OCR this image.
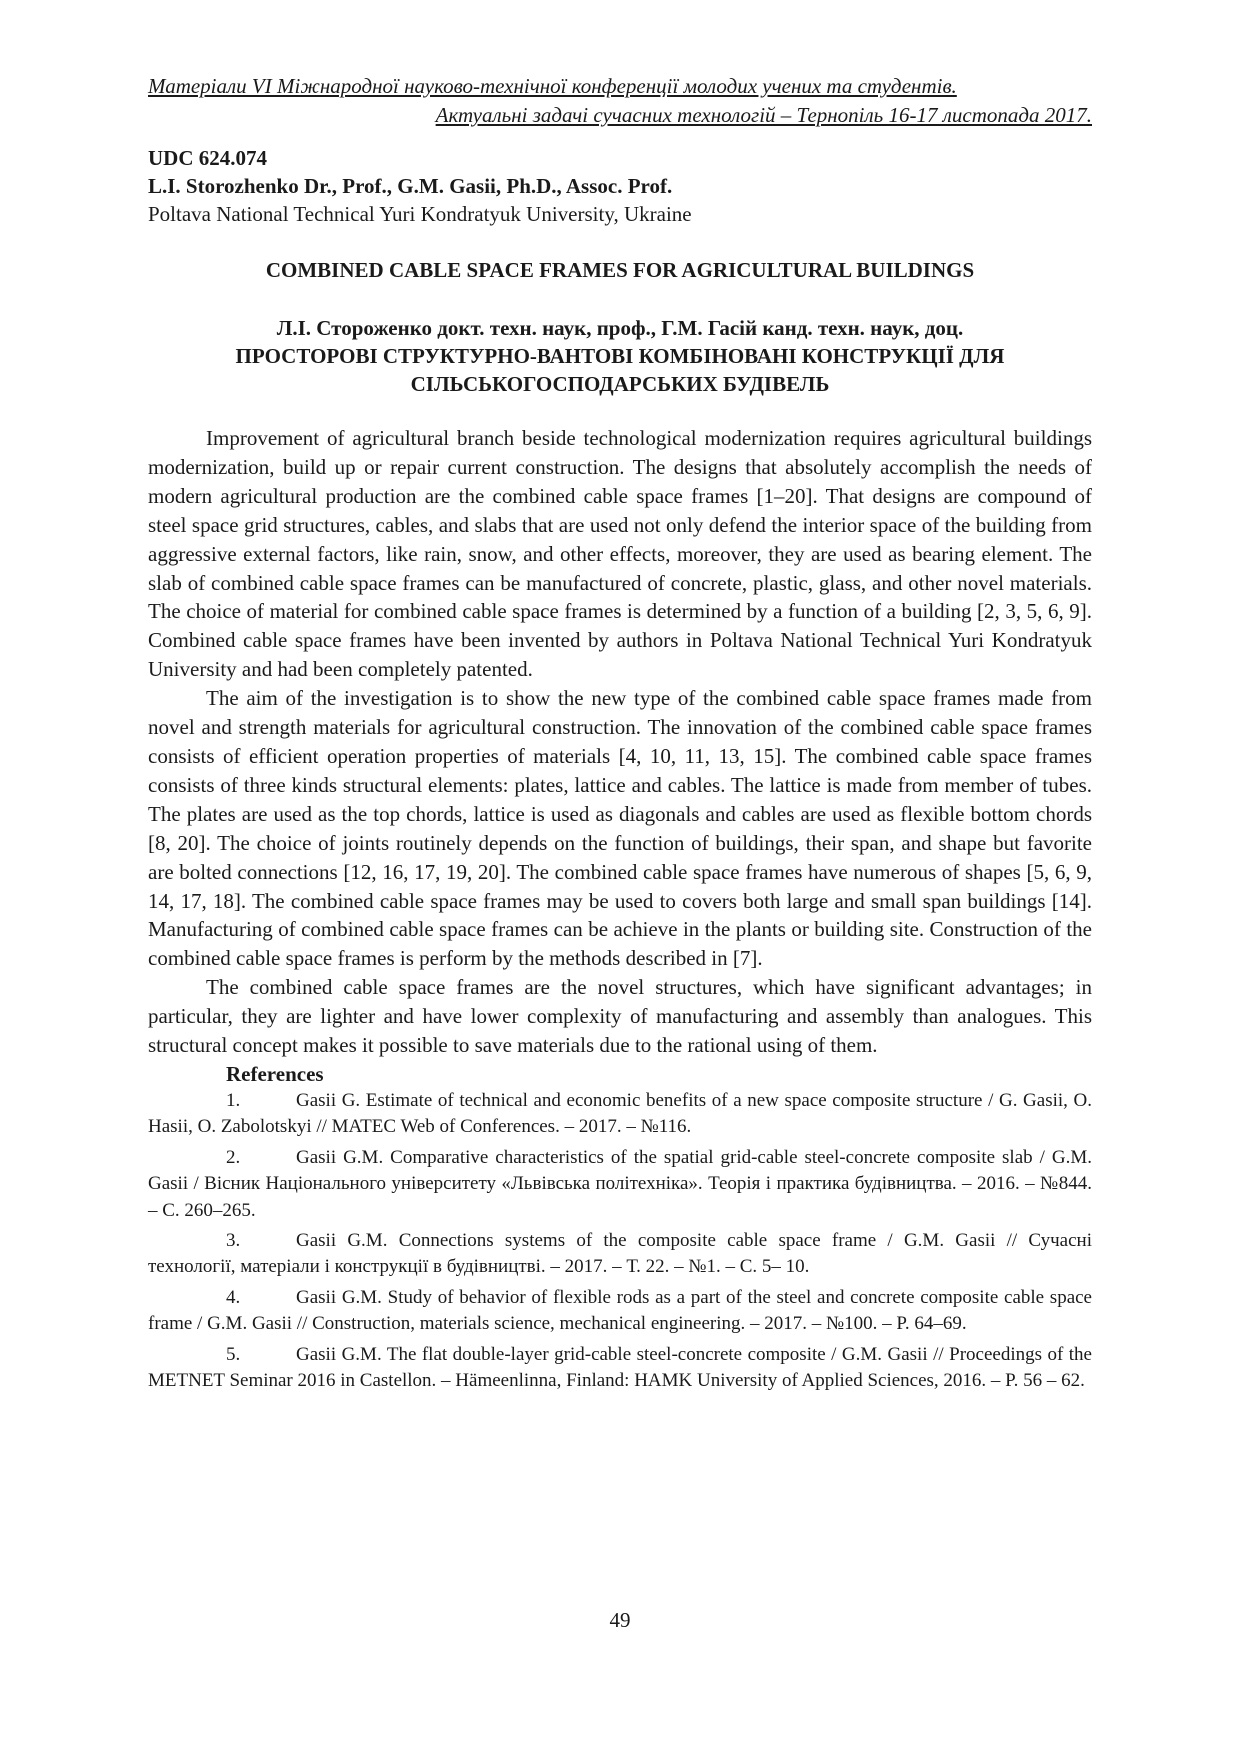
Матеріали VI Міжнародної науково-технічної конференції молодих учених та студентів.
Актуальні задачі сучасних технологій – Тернопіль 16-17 листопада 2017.
UDC 624.074
L.I. Storozhenko Dr., Prof., G.M. Gasii, Ph.D., Assoc. Prof.
Poltava National Technical Yuri Kondratyuk University, Ukraine
COMBINED CABLE SPACE FRAMES FOR AGRICULTURAL BUILDINGS
Л.І. Стороженко докт. техн. наук, проф., Г.М. Гасій канд. техн. наук, доц.
ПРОСТОРОВІ СТРУКТУРНО-ВАНТОВІ КОМБІНОВАНІ КОНСТРУКЦІЇ ДЛЯ СІЛЬСЬКОГОСПОДАРСЬКИХ БУДІВЕЛЬ

Improvement of agricultural branch beside technological modernization requires agricultural buildings modernization, build up or repair current construction. The designs that absolutely accomplish the needs of modern agricultural production are the combined cable space frames [1–20]. That designs are compound of steel space grid structures, cables, and slabs that are used not only defend the interior space of the building from aggressive external factors, like rain, snow, and other effects, moreover, they are used as bearing element. The slab of combined cable space frames can be manufactured of concrete, plastic, glass, and other novel materials. The choice of material for combined cable space frames is determined by a function of a building [2, 3, 5, 6, 9]. Combined cable space frames have been invented by authors in Poltava National Technical Yuri Kondratyuk University and had been completely patented.

The aim of the investigation is to show the new type of the combined cable space frames made from novel and strength materials for agricultural construction. The innovation of the combined cable space frames consists of efficient operation properties of materials [4, 10, 11, 13, 15]. The combined cable space frames consists of three kinds structural elements: plates, lattice and cables. The lattice is made from member of tubes. The plates are used as the top chords, lattice is used as diagonals and cables are used as flexible bottom chords [8, 20]. The choice of joints routinely depends on the function of buildings, their span, and shape but favorite are bolted connections [12, 16, 17, 19, 20]. The combined cable space frames have numerous of shapes [5, 6, 9, 14, 17, 18]. The combined cable space frames may be used to covers both large and small span buildings [14]. Manufacturing of combined cable space frames can be achieve in the plants or building site. Construction of the combined cable space frames is perform by the methods described in [7].

The combined cable space frames are the novel structures, which have significant advantages; in particular, they are lighter and have lower complexity of manufacturing and assembly than analogues. This structural concept makes it possible to save materials due to the rational using of them.

References

1.	Gasii G. Estimate of technical and economic benefits of a new space composite structure / G. Gasii, O. Hasii, O. Zabolotskyi // MATEC Web of Conferences. – 2017. – №116.

2.	Gasii G.M. Comparative characteristics of the spatial grid-cable steel-concrete composite slab / G.M. Gasii / Вісник Національного університету «Львівська політехніка». Теорія і практика будівництва. – 2016. – №844. – С. 260–265.

3.	Gasii G.M. Connections systems of the composite cable space frame / G.M. Gasii // Сучасні технології, матеріали і конструкції в будівництві. – 2017. – Т. 22. – №1. – С. 5– 10.

4.	Gasii G.M. Study of behavior of flexible rods as a part of the steel and concrete composite cable space frame / G.M. Gasii // Construction, materials science, mechanical engineering. – 2017. – №100. – P. 64–69.

5.	Gasii G.M. The flat double-layer grid-cable steel-concrete composite / G.M. Gasii // Proceedings of the METNET Seminar 2016 in Castellon. – Hämeenlinna, Finland: HAMK University of Applied Sciences, 2016. – P. 56 – 62.

49
